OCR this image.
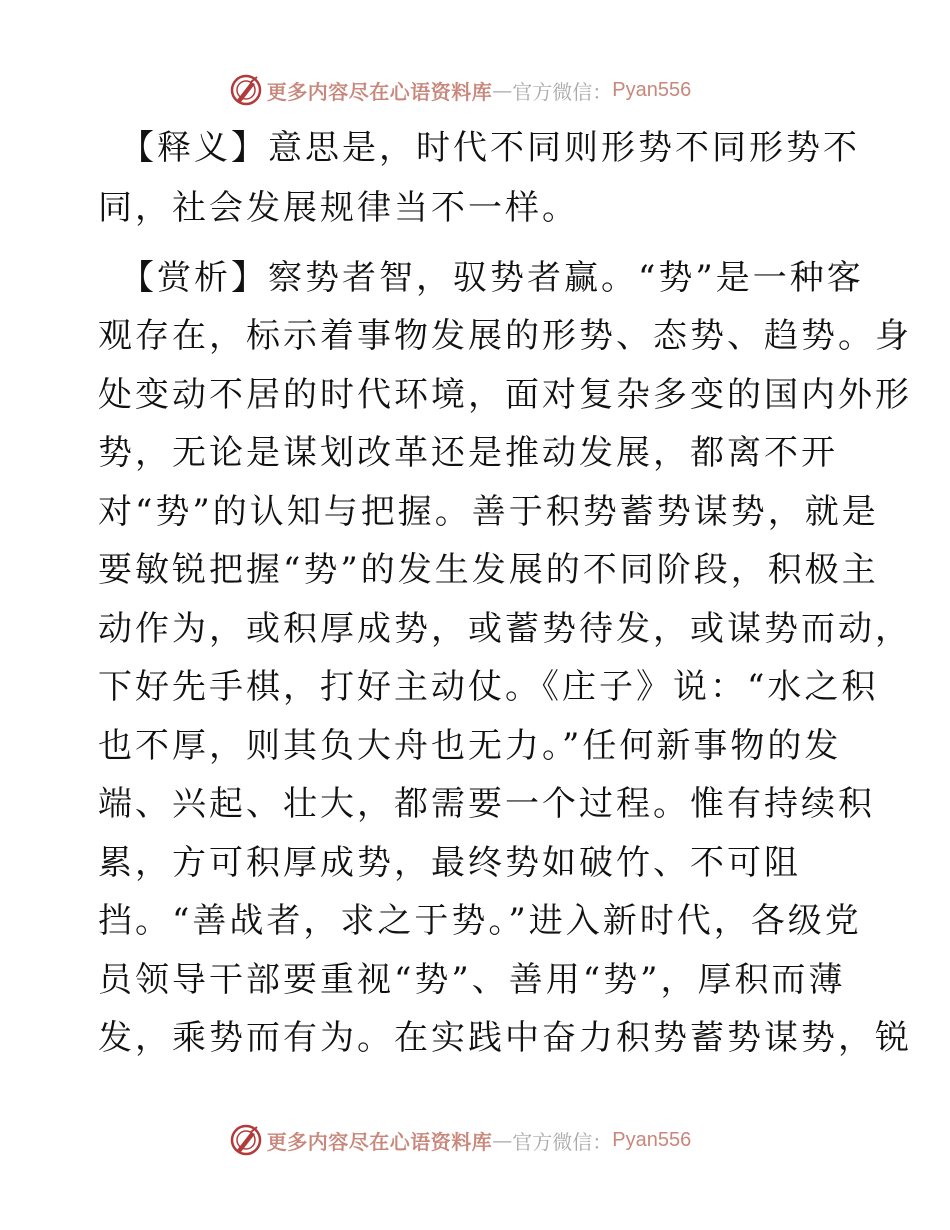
更多内容尽在心语资料库 — 官方微信： Pyan556
【释义】意思是，时代不同则形势不同形势不
同，社会发展规律当不一样。
【赏析】察势者智，驭势者赢。“势”是一种客
观存在，标示着事物发展的形势、态势、趋势。身
处变动不居的时代环境，面对复杂多变的国内外形
势，无论是谋划改革还是推动发展，都离不开
对“势”的认知与把握。善于积势蓄势谋势，就是
要敏锐把握“势”的发生发展的不同阶段，积极主
动作为，或积厚成势，或蓄势待发，或谋势而动，
下好先手棋，打好主动仗。《庄子》说：“水之积
也不厚，则其负大舟也无力。”任何新事物的发
端、兴起、壮大，都需要一个过程。惟有持续积
累，方可积厚成势，最终势如破竹、不可阻
挡。“善战者，求之于势。”进入新时代，各级党
员领导干部要重视“势”、善用“势”，厚积而薄
发，乘势而有为。在实践中奋力积势蓄势谋势，锐
更多内容尽在心语资料库 — 官方微信： Pyan556
